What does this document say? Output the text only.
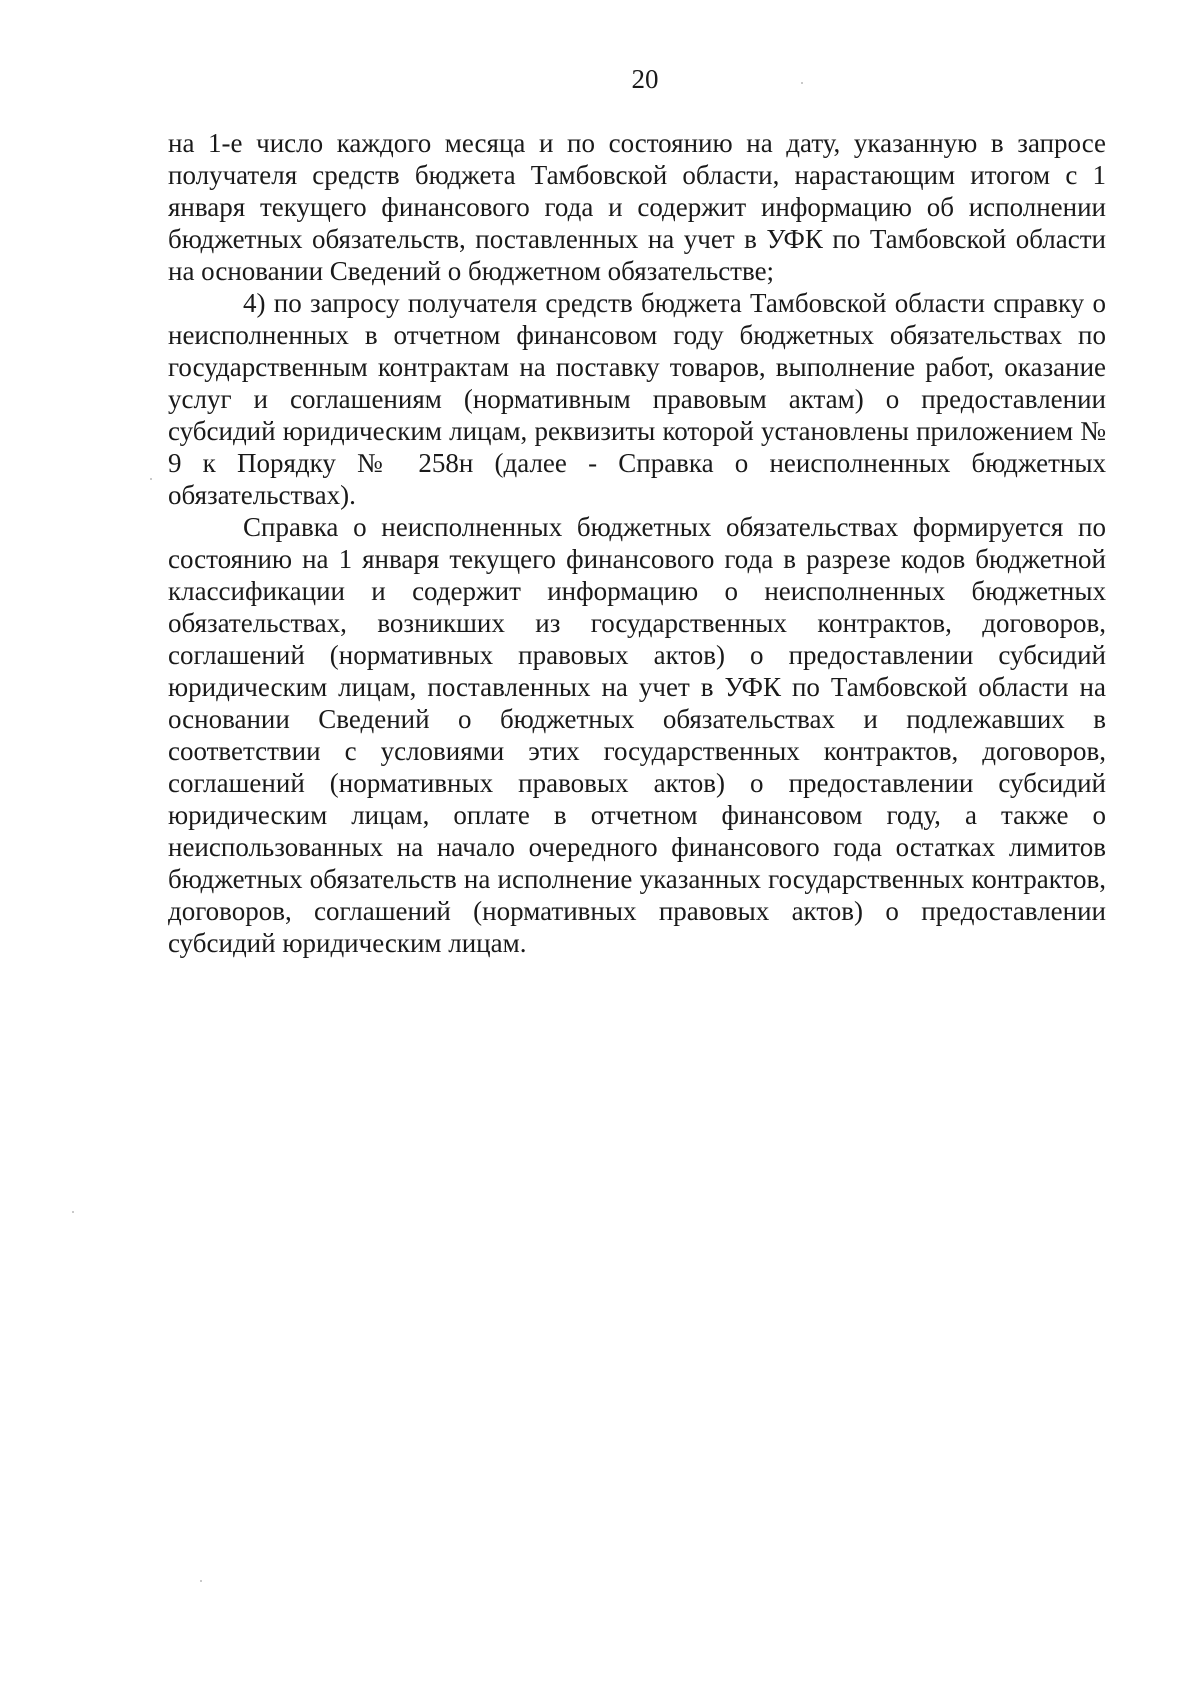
20

на 1-е число каждого месяца и по состоянию на дату, указанную в запросе получателя средств бюджета Тамбовской области, нарастающим итогом с 1 января текущего финансового года и содержит информацию об исполнении бюджетных обязательств, поставленных на учет в УФК по Тамбовской области на основании Сведений о бюджетном обязательстве;

4) по запросу получателя средств бюджета Тамбовской области справку о неисполненных в отчетном финансовом году бюджетных обязательствах по государственным контрактам на поставку товаров, выполнение работ, оказание услуг и соглашениям (нормативным правовым актам) о предоставлении субсидий юридическим лицам, реквизиты которой установлены приложением № 9 к Порядку № 258н (далее - Справка о неисполненных бюджетных обязательствах).

Справка о неисполненных бюджетных обязательствах формируется по состоянию на 1 января текущего финансового года в разрезе кодов бюджетной классификации и содержит информацию о неисполненных бюджетных обязательствах, возникших из государственных контрактов, договоров, соглашений (нормативных правовых актов) о предоставлении субсидий юридическим лицам, поставленных на учет в УФК по Тамбовской области на основании Сведений о бюджетных обязательствах и подлежавших в соответствии с условиями этих государственных контрактов, договоров, соглашений (нормативных правовых актов) о предоставлении субсидий юридическим лицам, оплате в отчетном финансовом году, а также о неиспользованных на начало очередного финансового года остатках лимитов бюджетных обязательств на исполнение указанных государственных контрактов, договоров, соглашений (нормативных правовых актов) о предоставлении субсидий юридическим лицам.
